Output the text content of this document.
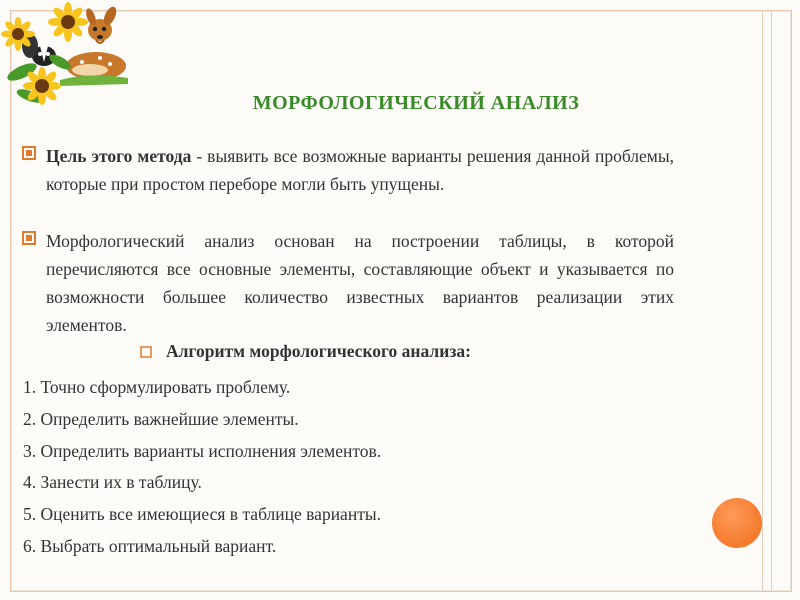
МОРФОЛОГИЧЕСКИЙ АНАЛИЗ
Цель этого метода - выявить все возможные варианты решения данной проблемы, которые при простом переборе могли быть упущены.
Морфологический анализ основан на построении таблицы, в которой перечисляются все основные элементы, составляющие объект и указывается по возможности большее количество известных вариантов реализации этих элементов.
Алгоритм морфологического анализа:
1. Точно сформулировать проблему.
2. Определить важнейшие элементы.
3. Определить варианты исполнения элементов.
4. Занести их в таблицу.
5. Оценить все имеющиеся в таблице варианты.
6. Выбрать оптимальный вариант.
